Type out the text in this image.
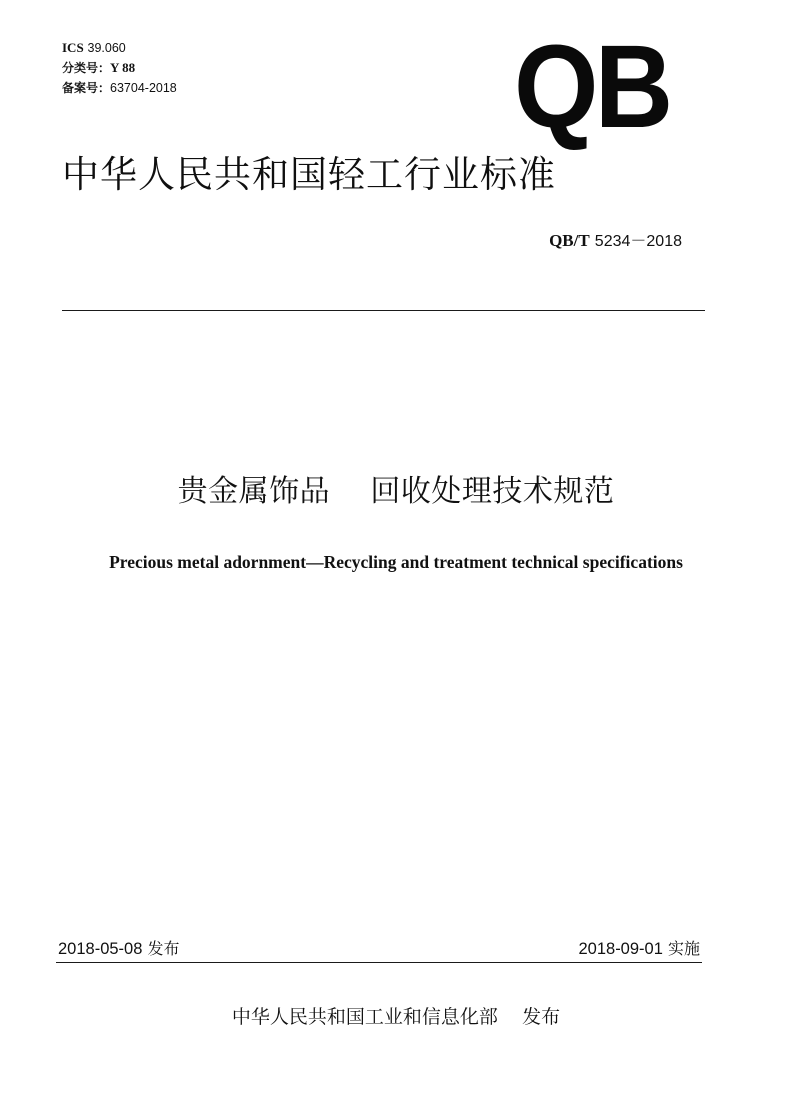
ICS 39.060
分类号：Y 88
备案号：63704-2018	QB
中华人民共和国轻工行业标准
QB/T 5234－2018
贵金属饰品    回收处理技术规范
Precious metal adornment—Recycling and treatment technical specifications
2018-05-08 发布	2018-09-01 实施
中华人民共和国工业和信息化部 发布
